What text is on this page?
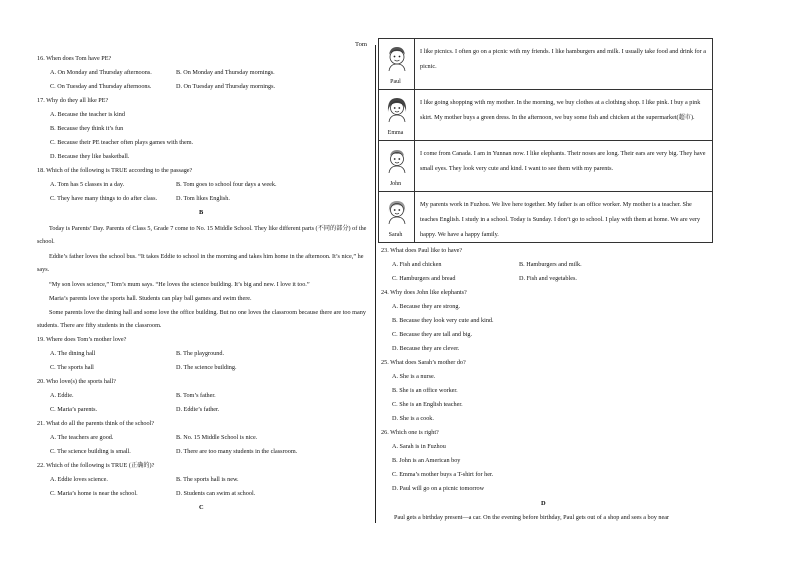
Tom
16. When does Tom have PE?
A. On Monday and Thursday afternoons.	B. On Monday and Thursday mornings.
C. On Tuesday and Thursday afternoons.	D. On Tuesday and Thursday mornings.
17. Why do they all like PE?
A. Because the teacher is kind
B. Because they think it’s fun
C. Because their PE teacher often plays games with them.
D. Because they like basketball.
18. Which of the following is TRUE according to the passage?
A. Tom has 5 classes in a day.	B. Tom goes to school four days a week.
C. They have many things to do after class.	D. Tom likes English.
B
Today is Parents’ Day. Parents of Class 5, Grade 7 come to No. 15 Middle School. They like different parts (不同的部分) of the school.
Eddie’s father loves the school bus. “It takes Eddie to school in the morning and takes him home in the afternoon. It’s nice,” he says.
“My son loves science,” Tom’s mum says. “He loves the science building. It’s big and new. I love it too.”
Maria’s parents love the sports hall. Students can play ball games and swim there.
Some parents love the dining hall and some love the office building. But no one loves the classroom because there are too many students. There are fifty students in the classroom.
19. Where does Tom’s mother love?
A. The dining hall	B. The playground.
C. The sports hall	D. The science building.
20. Who love(s) the sports hall?
A. Eddie.	B. Tom’s father.
C. Maria’s parents.	D. Eddie’s father.
21. What do all the parents think of the school?
A. The teachers are good.	B. No. 15 Middle School is nice.
C. The science building is small.	D. There are too many students in the classroom.
22. Which of the following is TRUE (正确的)?
A. Eddie loves science.	B. The sports hall is new.
C. Maria’s home is near the school.	D. Students can swim at school.
C
Paul	I like picnics. I often go on a picnic with my friends. I like hamburgers and milk. I usually take food and drink for a picnic.

Emma	I like going shopping with my mother. In the morning, we buy clothes at a clothing shop. I like pink. I buy a pink skirt. My mother buys a green dress. In the afternoon, we buy some fish and chicken at the supermarket(超市).

John	I come from Canada. I am in Yunnan now. I like elephants. Their noses are long. Their ears are very big. They have small eyes. They look very cute and kind. I want to see them with my parents.

Sarah	My parents work in Fuzhou. We live here together. My father is an office worker. My mother is a teacher. She teaches English. I study in a school. Today is Sunday. I don’t go to school. I play with them at home. We are very happy. We have a happy family.
23. What does Paul like to have?
A. Fish and chicken	B. Hamburgers and milk.
C. Hamburgers and bread	D. Fish and vegetables.
24. Why does John like elephants?
A. Because they are strong.
B. Because they look very cute and kind.
C. Because they are tall and big.
D. Because they are clever.
25. What does Sarah’s mother do?
A. She is a nurse.
B. She is an office worker.
C. She is an English teacher.
D. She is a cook.
26. Which one is right?
A. Sarah is in Fuzhou
B. John is an American boy
C. Emma’s mother buys a T-shirt for her.
D. Paul will go on a picnic tomorrow
D
Paul gets a birthday present—a car. On the evening before birthday, Paul gets out of a shop and sees a boy near
